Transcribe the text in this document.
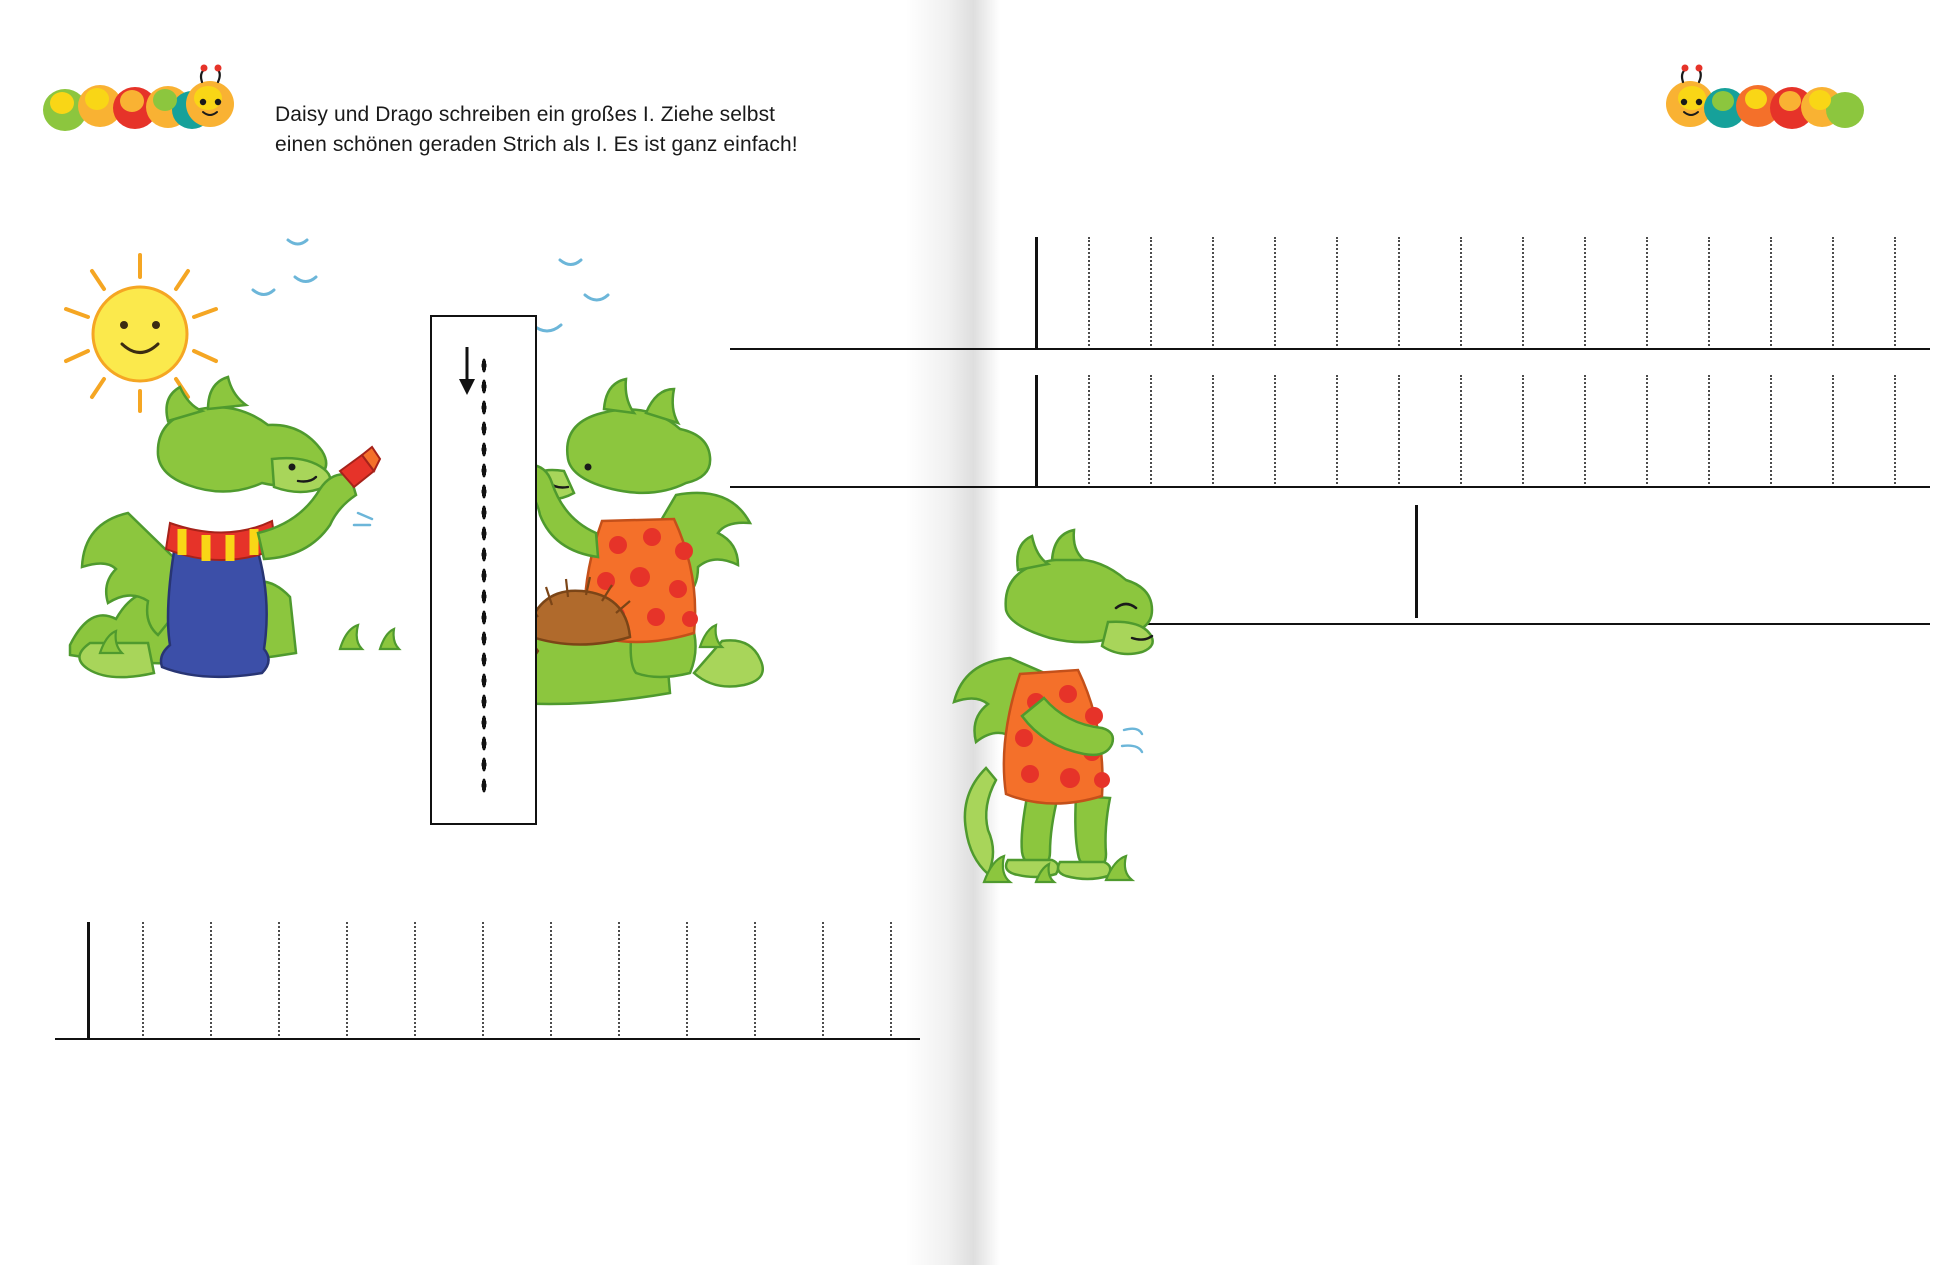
Daisy und Drago schreiben ein großes I. Ziehe selbst
einen schönen geraden Strich als I. Es ist ganz einfach!
